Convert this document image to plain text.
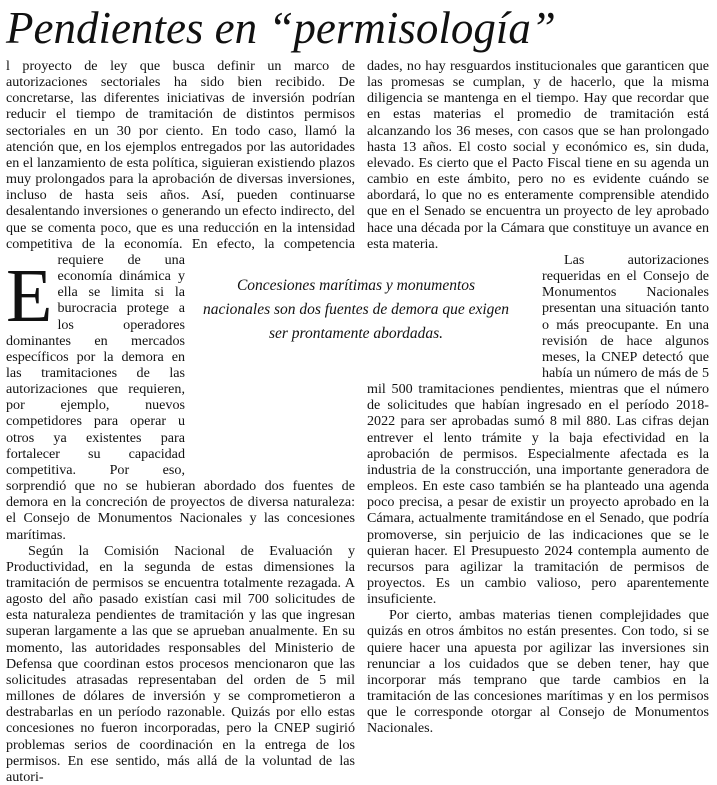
Pendientes en “permisología”

E
l proyecto de ley que busca definir un marco de autorizaciones sectoriales ha sido bien recibido. De concretarse, las diferentes iniciativas de inversión podrían reducir el tiempo de tramitación de distintos permisos sectoriales en un 30 por ciento. En todo caso, llamó la atención que, en los ejemplos entregados por las autoridades en el lanzamiento de esta política, siguieran existiendo plazos muy prolongados para la aprobación de diversas inversiones, incluso de hasta seis años. Así, pueden continuarse desalentando inversiones o generando un efecto indirecto, del que se comenta poco, que es una reducción en la intensidad competitiva de la economía. En efecto, la competencia requiere de una economía dinámica y ella se limita si la burocracia protege a los operadores dominantes en mercados específicos por la demora en las tramitaciones de las autorizaciones que requieren, por ejemplo, nuevos competidores para operar u otros ya existentes para fortalecer su capacidad competitiva. Por eso, sorprendió que no se hubieran abordado dos fuentes de demora en la concreción de proyectos de diversa naturaleza: el Consejo de Monumentos Nacionales y las concesiones marítimas.

Según la Comisión Nacional de Evaluación y Productividad, en la segunda de estas dimensiones la tramitación de permisos se encuentra totalmente rezagada. A agosto del año pasado existían casi mil 700 solicitudes de esta naturaleza pendientes de tramitación y las que ingresan superan largamente a las que se aprueban anualmente. En su momento, las autoridades responsables del Ministerio de Defensa que coordinan estos procesos mencionaron que las solicitudes atrasadas representaban del orden de 5 mil millones de dólares de inversión y se comprometieron a destrabarlas en un período razonable. Quizás por ello estas concesiones no fueron incorporadas, pero la CNEP sugirió problemas serios de coordinación en la entrega de los permisos. En ese sentido, más allá de la voluntad de las autori-

dades, no hay resguardos institucionales que garanticen que las promesas se cumplan, y de hacerlo, que la misma diligencia se mantenga en el tiempo. Hay que recordar que en estas materias el promedio de tramitación está alcanzando los 36 meses, con casos que se han prolongado hasta 13 años. El costo social y económico es, sin duda, elevado. Es cierto que el Pacto Fiscal tiene en su agenda un cambio en este ámbito, pero no es evidente cuándo se abordará, lo que no es enteramente comprensible atendido que en el Senado se encuentra un proyecto de ley aprobado hace una década por la Cámara que constituye un avance en esta materia.

Las autorizaciones requeridas en el Consejo de Monumentos Nacionales presentan una situación tanto o más preocupante. En una revisión de hace algunos meses, la CNEP detectó que había un número de más de 5 mil 500 tramitaciones pendientes, mientras que el número de solicitudes que habían ingresado en el período 2018-2022 para ser aprobadas sumó 8 mil 880. Las cifras dejan entrever el lento trámite y la baja efectividad en la aprobación de permisos. Especialmente afectada es la industria de la construcción, una importante generadora de empleos. En este caso también se ha planteado una agenda poco precisa, a pesar de existir un proyecto aprobado en la Cámara, actualmente tramitándose en el Senado, que podría promoverse, sin perjuicio de las indicaciones que se le quieran hacer. El Presupuesto 2024 contempla aumento de recursos para agilizar la tramitación de permisos de proyectos. Es un cambio valioso, pero aparentemente insuficiente.

Por cierto, ambas materias tienen complejidades que quizás en otros ámbitos no están presentes. Con todo, si se quiere hacer una apuesta por agilizar las inversiones sin renunciar a los cuidados que se deben tener, hay que incorporar más temprano que tarde cambios en la tramitación de las concesiones marítimas y en los permisos que le corresponde otorgar al Consejo de Monumentos Nacionales.

Concesiones marítimas y monumentos nacionales son dos fuentes de demora que exigen ser prontamente abordadas.
